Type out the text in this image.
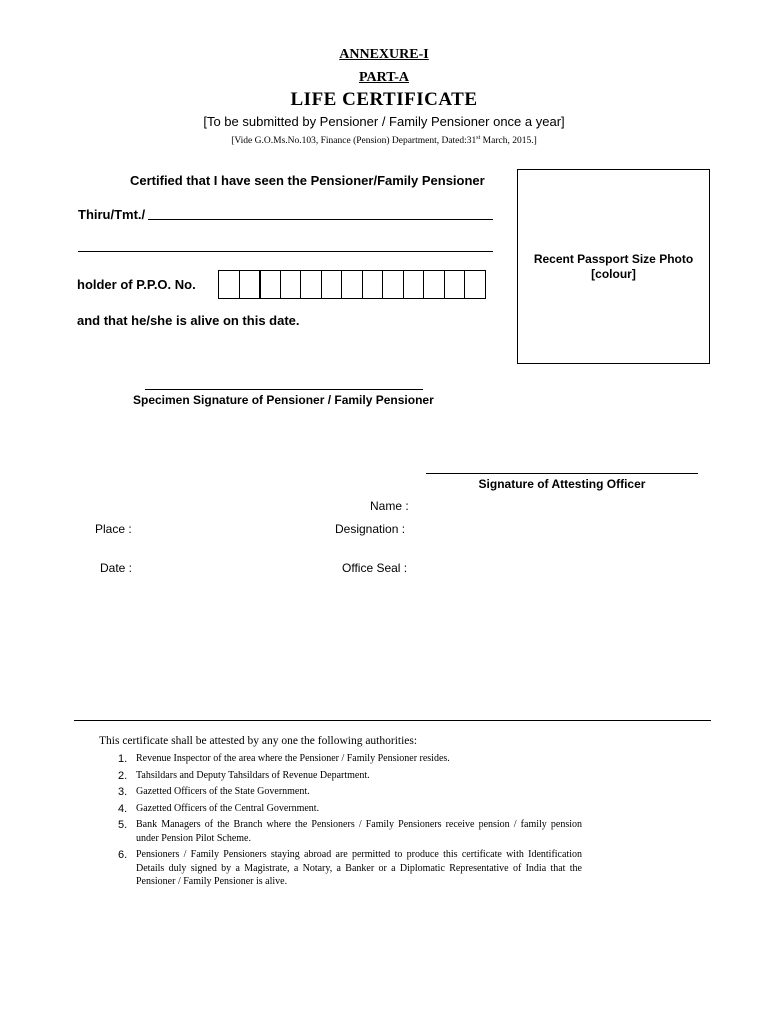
ANNEXURE-I
PART-A
LIFE CERTIFICATE
[To be submitted by Pensioner / Family Pensioner once a year]
[Vide G.O.Ms.No.103, Finance (Pension) Department, Dated:31st March, 2015.]
Certified that I have seen the Pensioner/Family Pensioner
Thiru/Tmt./
holder of P.P.O. No.
and that he/she is alive on this date.
Recent Passport Size Photo
[colour]
Specimen Signature of Pensioner / Family Pensioner
Signature of Attesting Officer
Name :
Place :	Designation :
Date :	Office Seal :
This certificate shall be attested by any one the following authorities:
1. Revenue Inspector of the area where the Pensioner / Family Pensioner resides.
2. Tahsildars and Deputy Tahsildars of Revenue Department.
3. Gazetted Officers of the State Government.
4. Gazetted Officers of the Central Government.
5. Bank Managers of the Branch where the Pensioners / Family Pensioners receive pension / family pension under Pension Pilot Scheme.
6. Pensioners / Family Pensioners staying abroad are permitted to produce this certificate with Identification Details duly signed by a Magistrate, a Notary, a Banker or a Diplomatic Representative of India that the Pensioner / Family Pensioner is alive.
